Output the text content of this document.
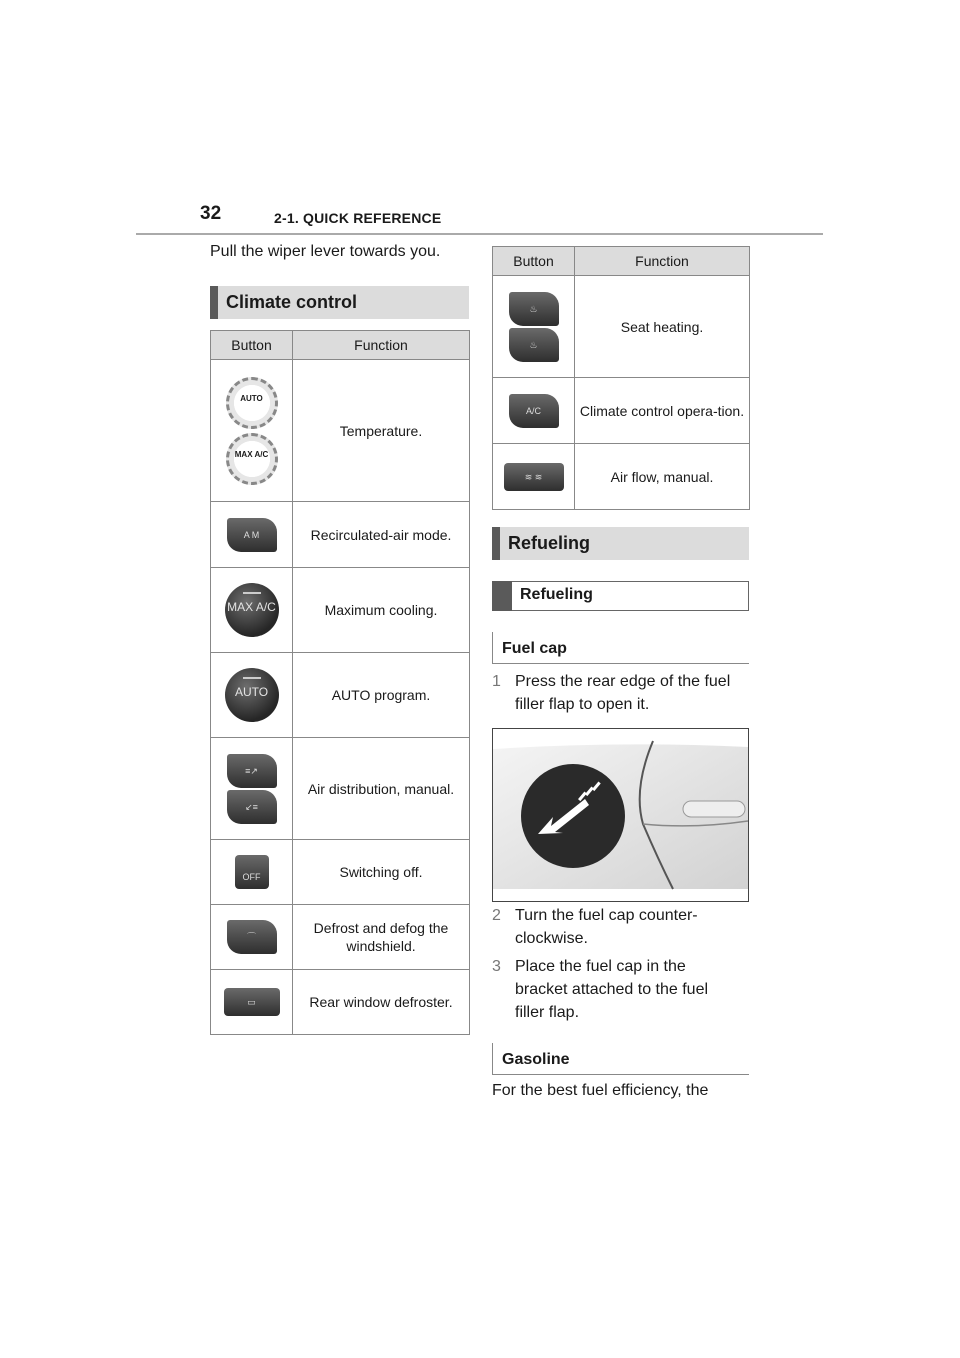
32	2-1. QUICK REFERENCE
Pull the wiper lever towards you.
Climate control
Button	Function

AUTO
MAX A/C	Temperature.
A M	Recirculated-air mode.

MAX A/C	Maximum cooling.

AUTO	AUTO program.

≡↗
↙≡	Air distribution, manual.
OFF	Switching off.
⌒	Defrost and defog the windshield.
▭	Rear window defroster.
Button	Function

♨
♨	Seat heating.
A/C	Climate control opera-tion.
≋ ≋	Air flow, manual.
Refueling
Refueling
Fuel cap
1 Press the rear edge of the fuel filler flap to open it.
2 Turn the fuel cap counter-clockwise.
3 Place the fuel cap in the bracket attached to the fuel filler flap.
Gasoline
For the best fuel efficiency, the
